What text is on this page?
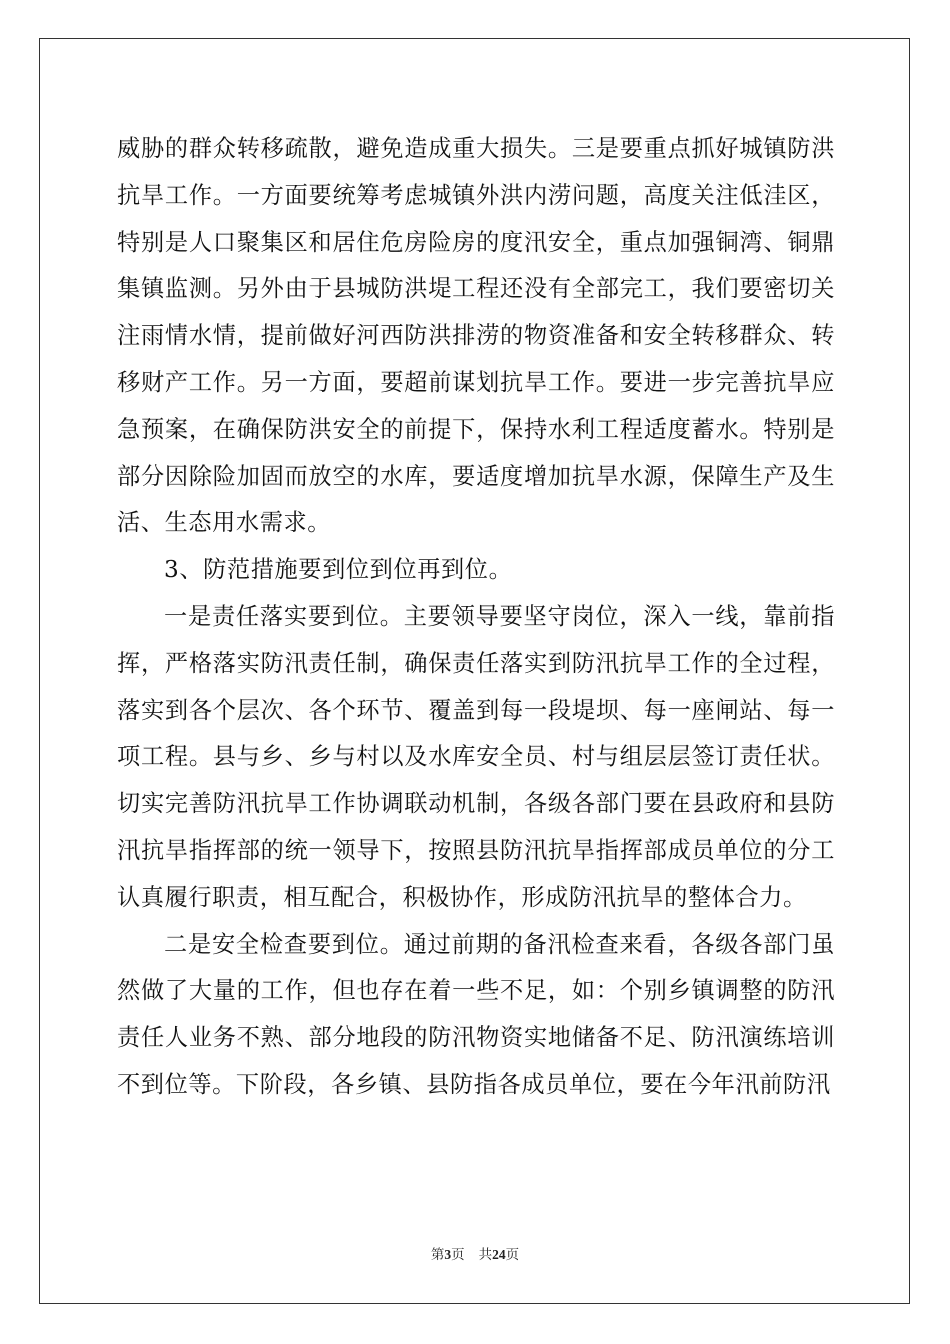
威胁的群众转移疏散，避免造成重大损失。三是要重点抓好城镇防洪抗旱工作。一方面要统筹考虑城镇外洪内涝问题，高度关注低洼区，特别是人口聚集区和居住危房险房的度汛安全，重点加强铜湾、铜鼎集镇监测。另外由于县城防洪堤工程还没有全部完工，我们要密切关注雨情水情，提前做好河西防洪排涝的物资准备和安全转移群众、转移财产工作。另一方面，要超前谋划抗旱工作。要进一步完善抗旱应急预案，在确保防洪安全的前提下，保持水利工程适度蓄水。特别是部分因除险加固而放空的水库，要适度增加抗旱水源，保障生产及生活、生态用水需求。

3、防范措施要到位到位再到位。

一是责任落实要到位。主要领导要坚守岗位，深入一线，靠前指挥，严格落实防汛责任制，确保责任落实到防汛抗旱工作的全过程，落实到各个层次、各个环节、覆盖到每一段堤坝、每一座闸站、每一项工程。县与乡、乡与村以及水库安全员、村与组层层签订责任状。切实完善防汛抗旱工作协调联动机制，各级各部门要在县政府和县防汛抗旱指挥部的统一领导下，按照县防汛抗旱指挥部成员单位的分工认真履行职责，相互配合，积极协作，形成防汛抗旱的整体合力。

二是安全检查要到位。通过前期的备汛检查来看，各级各部门虽然做了大量的工作，但也存在着一些不足，如：个别乡镇调整的防汛责任人业务不熟、部分地段的防汛物资实地储备不足、防汛演练培训不到位等。下阶段，各乡镇、县防指各成员单位，要在今年汛前防汛

第3页 共24页
